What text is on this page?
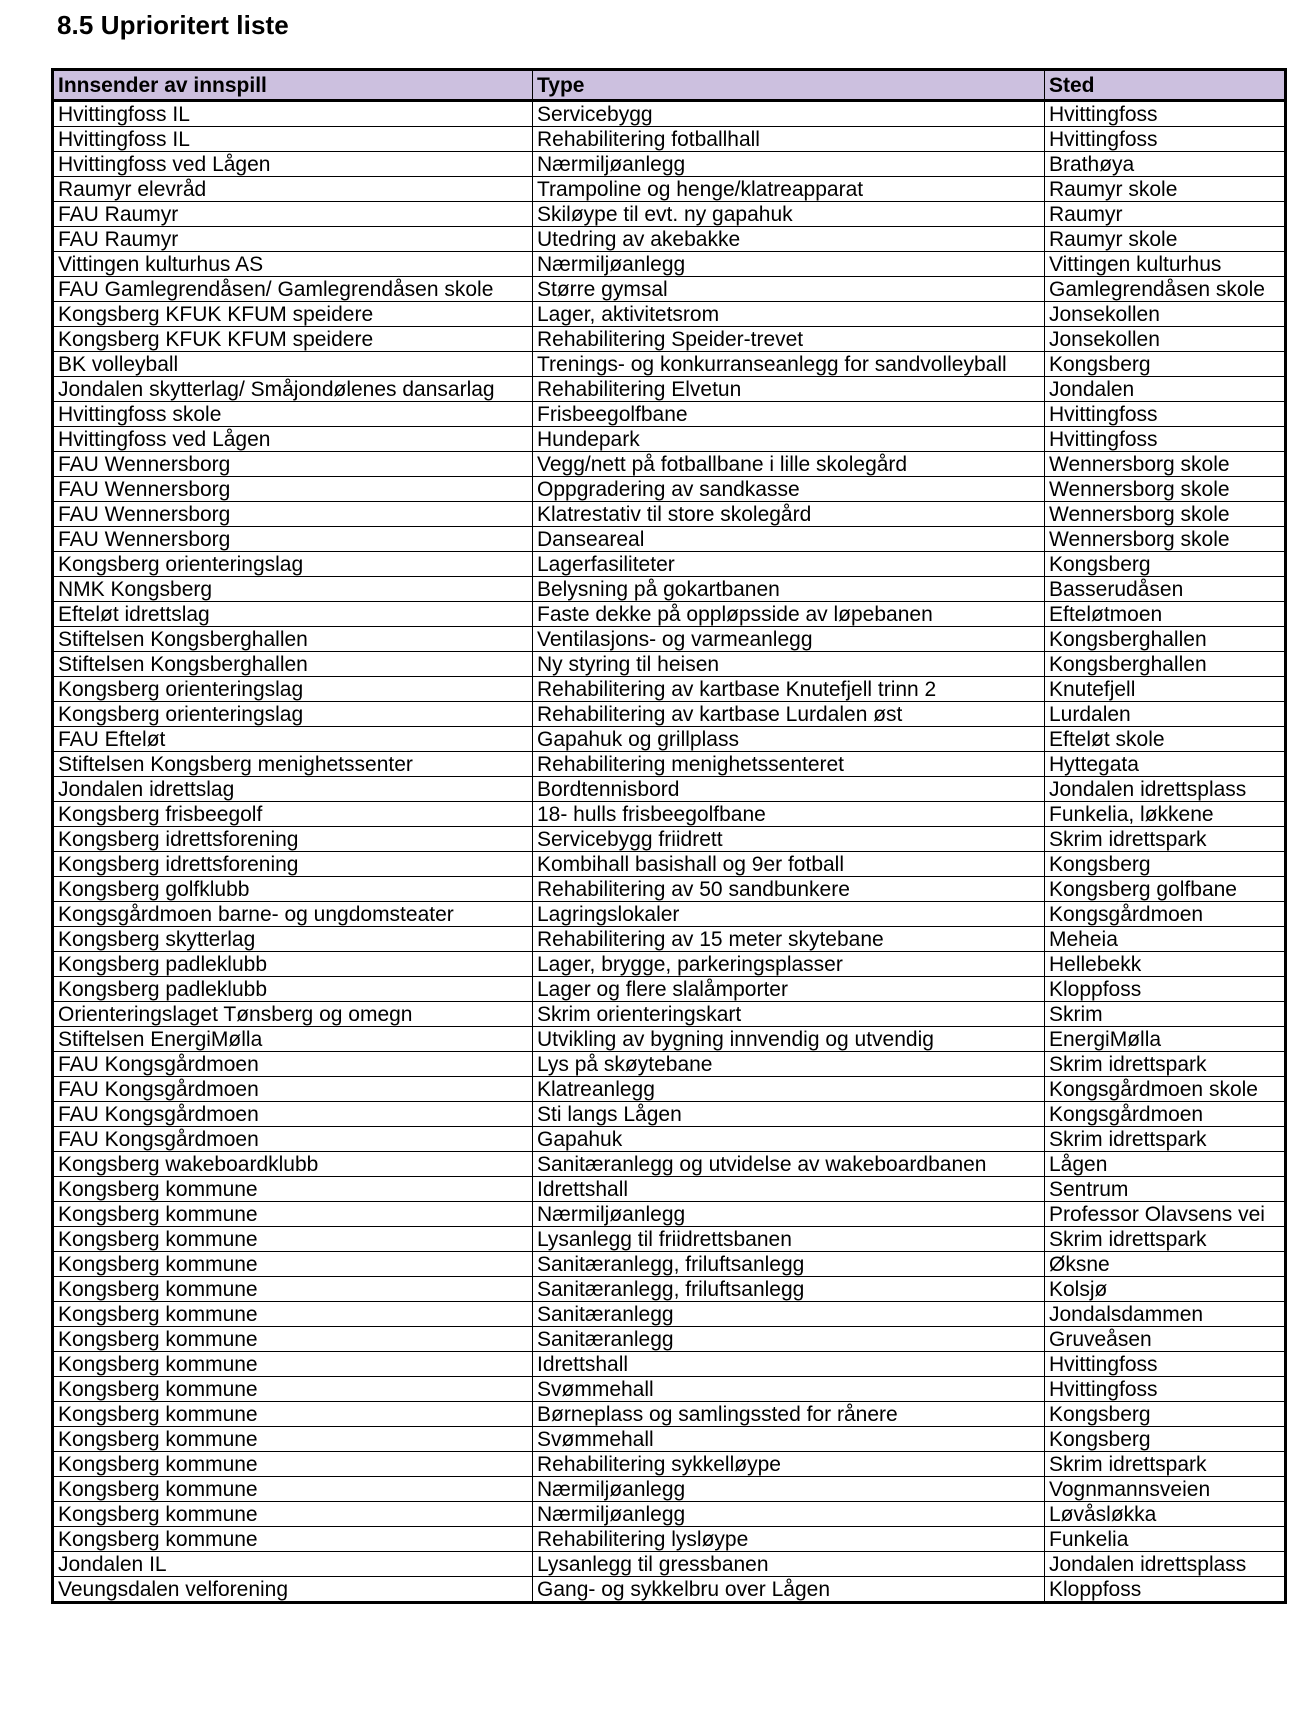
8.5 Uprioritert liste
Innsender av innspill	Type	Sted
Hvittingfoss IL	Servicebygg	Hvittingfoss
Hvittingfoss IL	Rehabilitering fotballhall	Hvittingfoss
Hvittingfoss ved Lågen	Nærmiljøanlegg	Brathøya
Raumyr elevråd	Trampoline og henge/klatreapparat	Raumyr skole
FAU Raumyr	Skiløype til evt. ny gapahuk	Raumyr
FAU Raumyr	Utedring av akebakke	Raumyr skole
Vittingen kulturhus AS	Nærmiljøanlegg	Vittingen kulturhus
FAU Gamlegrendåsen/ Gamlegrendåsen skole	Større gymsal	Gamlegrendåsen skole
Kongsberg KFUK KFUM speidere	Lager, aktivitetsrom	Jonsekollen
Kongsberg KFUK KFUM speidere	Rehabilitering Speider-trevet	Jonsekollen
BK volleyball	Trenings- og konkurranseanlegg for sandvolleyball	Kongsberg
Jondalen skytterlag/ Småjondølenes dansarlag	Rehabilitering Elvetun	Jondalen
Hvittingfoss skole	Frisbeegolfbane	Hvittingfoss
Hvittingfoss ved Lågen	Hundepark	Hvittingfoss
FAU Wennersborg	Vegg/nett på fotballbane i lille skolegård	Wennersborg skole
FAU Wennersborg	Oppgradering av sandkasse	Wennersborg skole
FAU Wennersborg	Klatrestativ til store skolegård	Wennersborg skole
FAU Wennersborg	Danseareal	Wennersborg skole
Kongsberg orienteringslag	Lagerfasiliteter	Kongsberg
NMK Kongsberg	Belysning på gokartbanen	Basserudåsen
Efteløt idrettslag	Faste dekke på oppløpsside av løpebanen	Efteløtmoen
Stiftelsen Kongsberghallen	Ventilasjons- og varmeanlegg	Kongsberghallen
Stiftelsen Kongsberghallen	Ny styring til heisen	Kongsberghallen
Kongsberg orienteringslag	Rehabilitering av kartbase Knutefjell trinn 2	Knutefjell
Kongsberg orienteringslag	Rehabilitering av kartbase Lurdalen øst	Lurdalen
FAU Efteløt	Gapahuk og grillplass	Efteløt skole
Stiftelsen Kongsberg menighetssenter	Rehabilitering menighetssenteret	Hyttegata
Jondalen idrettslag	Bordtennisbord	Jondalen idrettsplass
Kongsberg frisbeegolf	18- hulls frisbeegolfbane	Funkelia, løkkene
Kongsberg idrettsforening	Servicebygg friidrett	Skrim idrettspark
Kongsberg idrettsforening	Kombihall basishall og 9er fotball	Kongsberg
Kongsberg golfklubb	Rehabilitering av 50 sandbunkere	Kongsberg golfbane
Kongsgårdmoen barne- og ungdomsteater	Lagringslokaler	Kongsgårdmoen
Kongsberg skytterlag	Rehabilitering av 15 meter skytebane	Meheia
Kongsberg padleklubb	Lager, brygge, parkeringsplasser	Hellebekk
Kongsberg padleklubb	Lager og flere slalåmporter	Kloppfoss
Orienteringslaget Tønsberg og omegn	Skrim orienteringskart	Skrim
Stiftelsen EnergiMølla	Utvikling av bygning innvendig og utvendig	EnergiMølla
FAU Kongsgårdmoen	Lys på skøytebane	Skrim idrettspark
FAU Kongsgårdmoen	Klatreanlegg	Kongsgårdmoen skole
FAU Kongsgårdmoen	Sti langs Lågen	Kongsgårdmoen
FAU Kongsgårdmoen	Gapahuk	Skrim idrettspark
Kongsberg wakeboardklubb	Sanitæranlegg og utvidelse av wakeboardbanen	Lågen
Kongsberg kommune	Idrettshall	Sentrum
Kongsberg kommune	Nærmiljøanlegg	Professor Olavsens vei
Kongsberg kommune	Lysanlegg til friidrettsbanen	Skrim idrettspark
Kongsberg kommune	Sanitæranlegg, friluftsanlegg	Øksne
Kongsberg kommune	Sanitæranlegg, friluftsanlegg	Kolsjø
Kongsberg kommune	Sanitæranlegg	Jondalsdammen
Kongsberg kommune	Sanitæranlegg	Gruveåsen
Kongsberg kommune	Idrettshall	Hvittingfoss
Kongsberg kommune	Svømmehall	Hvittingfoss
Kongsberg kommune	Børneplass og samlingssted for rånere	Kongsberg
Kongsberg kommune	Svømmehall	Kongsberg
Kongsberg kommune	Rehabilitering sykkelløype	Skrim idrettspark
Kongsberg kommune	Nærmiljøanlegg	Vognmannsveien
Kongsberg kommune	Nærmiljøanlegg	Løvåsløkka
Kongsberg kommune	Rehabilitering lysløype	Funkelia
Jondalen IL	Lysanlegg til gressbanen	Jondalen idrettsplass
Veungsdalen velforening	Gang- og sykkelbru over Lågen	Kloppfoss
